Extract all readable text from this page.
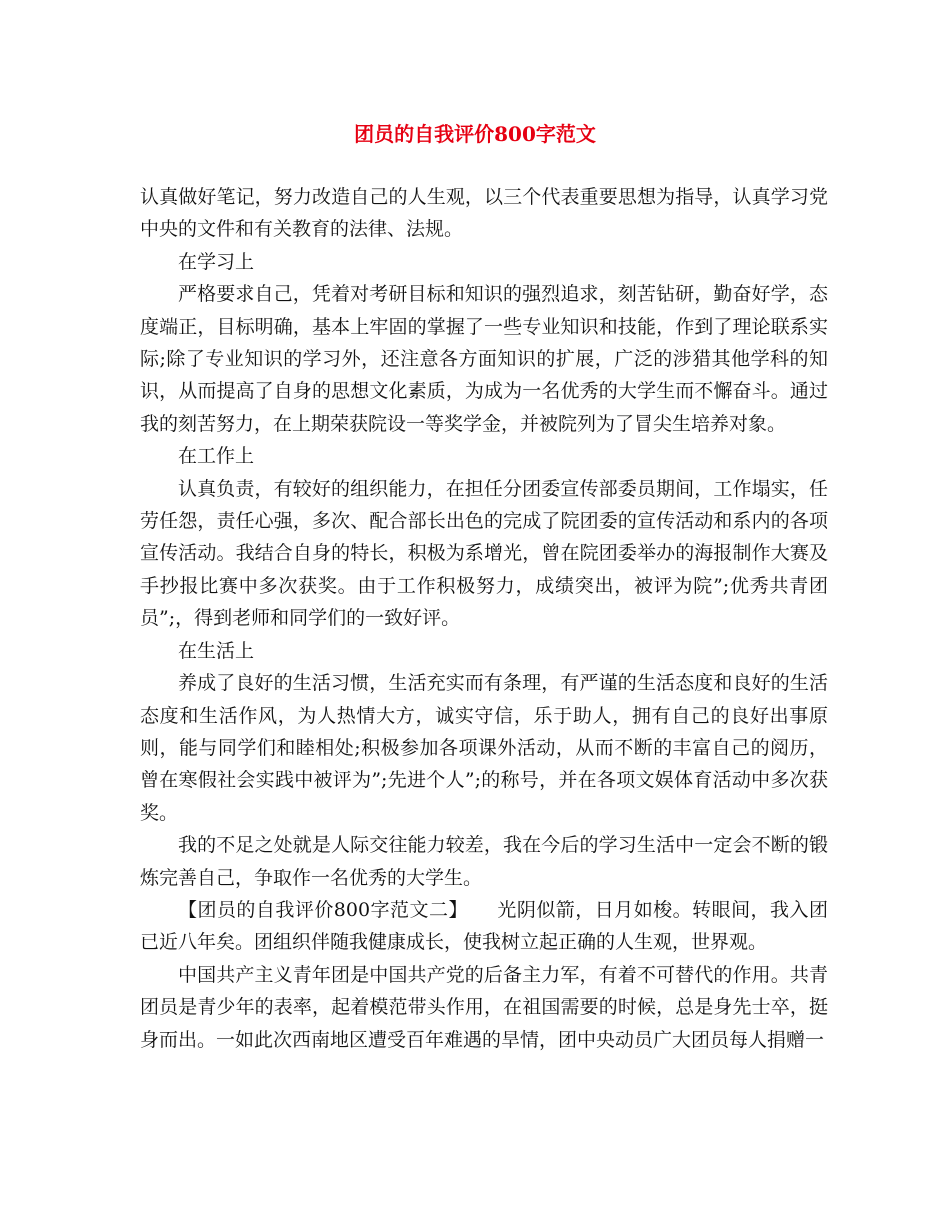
团员的自我评价800字范文

认真做好笔记，努力改造自己的人生观，以三个代表重要思想为指导，认真学习党中央的文件和有关教育的法律、法规。

在学习上

严格要求自己，凭着对考研目标和知识的强烈追求，刻苦钻研，勤奋好学，态度端正，目标明确，基本上牢固的掌握了一些专业知识和技能，作到了理论联系实际;除了专业知识的学习外，还注意各方面知识的扩展，广泛的涉猎其他学科的知识，从而提高了自身的思想文化素质，为成为一名优秀的大学生而不懈奋斗。通过我的刻苦努力，在上期荣获院设一等奖学金，并被院列为了冒尖生培养对象。

在工作上

认真负责，有较好的组织能力，在担任分团委宣传部委员期间，工作塌实，任劳任怨，责任心强，多次、配合部长出色的完成了院团委的宣传活动和系内的各项宣传活动。我结合自身的特长，积极为系增光，曾在院团委举办的海报制作大赛及手抄报比赛中多次获奖。由于工作积极努力，成绩突出，被评为院”;优秀共青团员”;，得到老师和同学们的一致好评。

在生活上

养成了良好的生活习惯，生活充实而有条理，有严谨的生活态度和良好的生活态度和生活作风，为人热情大方，诚实守信，乐于助人，拥有自己的良好出事原则，能与同学们和睦相处;积极参加各项课外活动，从而不断的丰富自己的阅历，曾在寒假社会实践中被评为”;先进个人”;的称号，并在各项文娱体育活动中多次获奖。

我的不足之处就是人际交往能力较差，我在今后的学习生活中一定会不断的锻炼完善自己，争取作一名优秀的大学生。

【团员的自我评价800字范文二】　　光阴似箭，日月如梭。转眼间，我入团已近八年矣。团组织伴随我健康成长，使我树立起正确的人生观，世界观。

中国共产主义青年团是中国共产党的后备主力军，有着不可替代的作用。共青团员是青少年的表率，起着模范带头作用，在祖国需要的时候，总是身先士卒，挺身而出。一如此次西南地区遭受百年难遇的旱情，团中央动员广大团员每人捐赠一
